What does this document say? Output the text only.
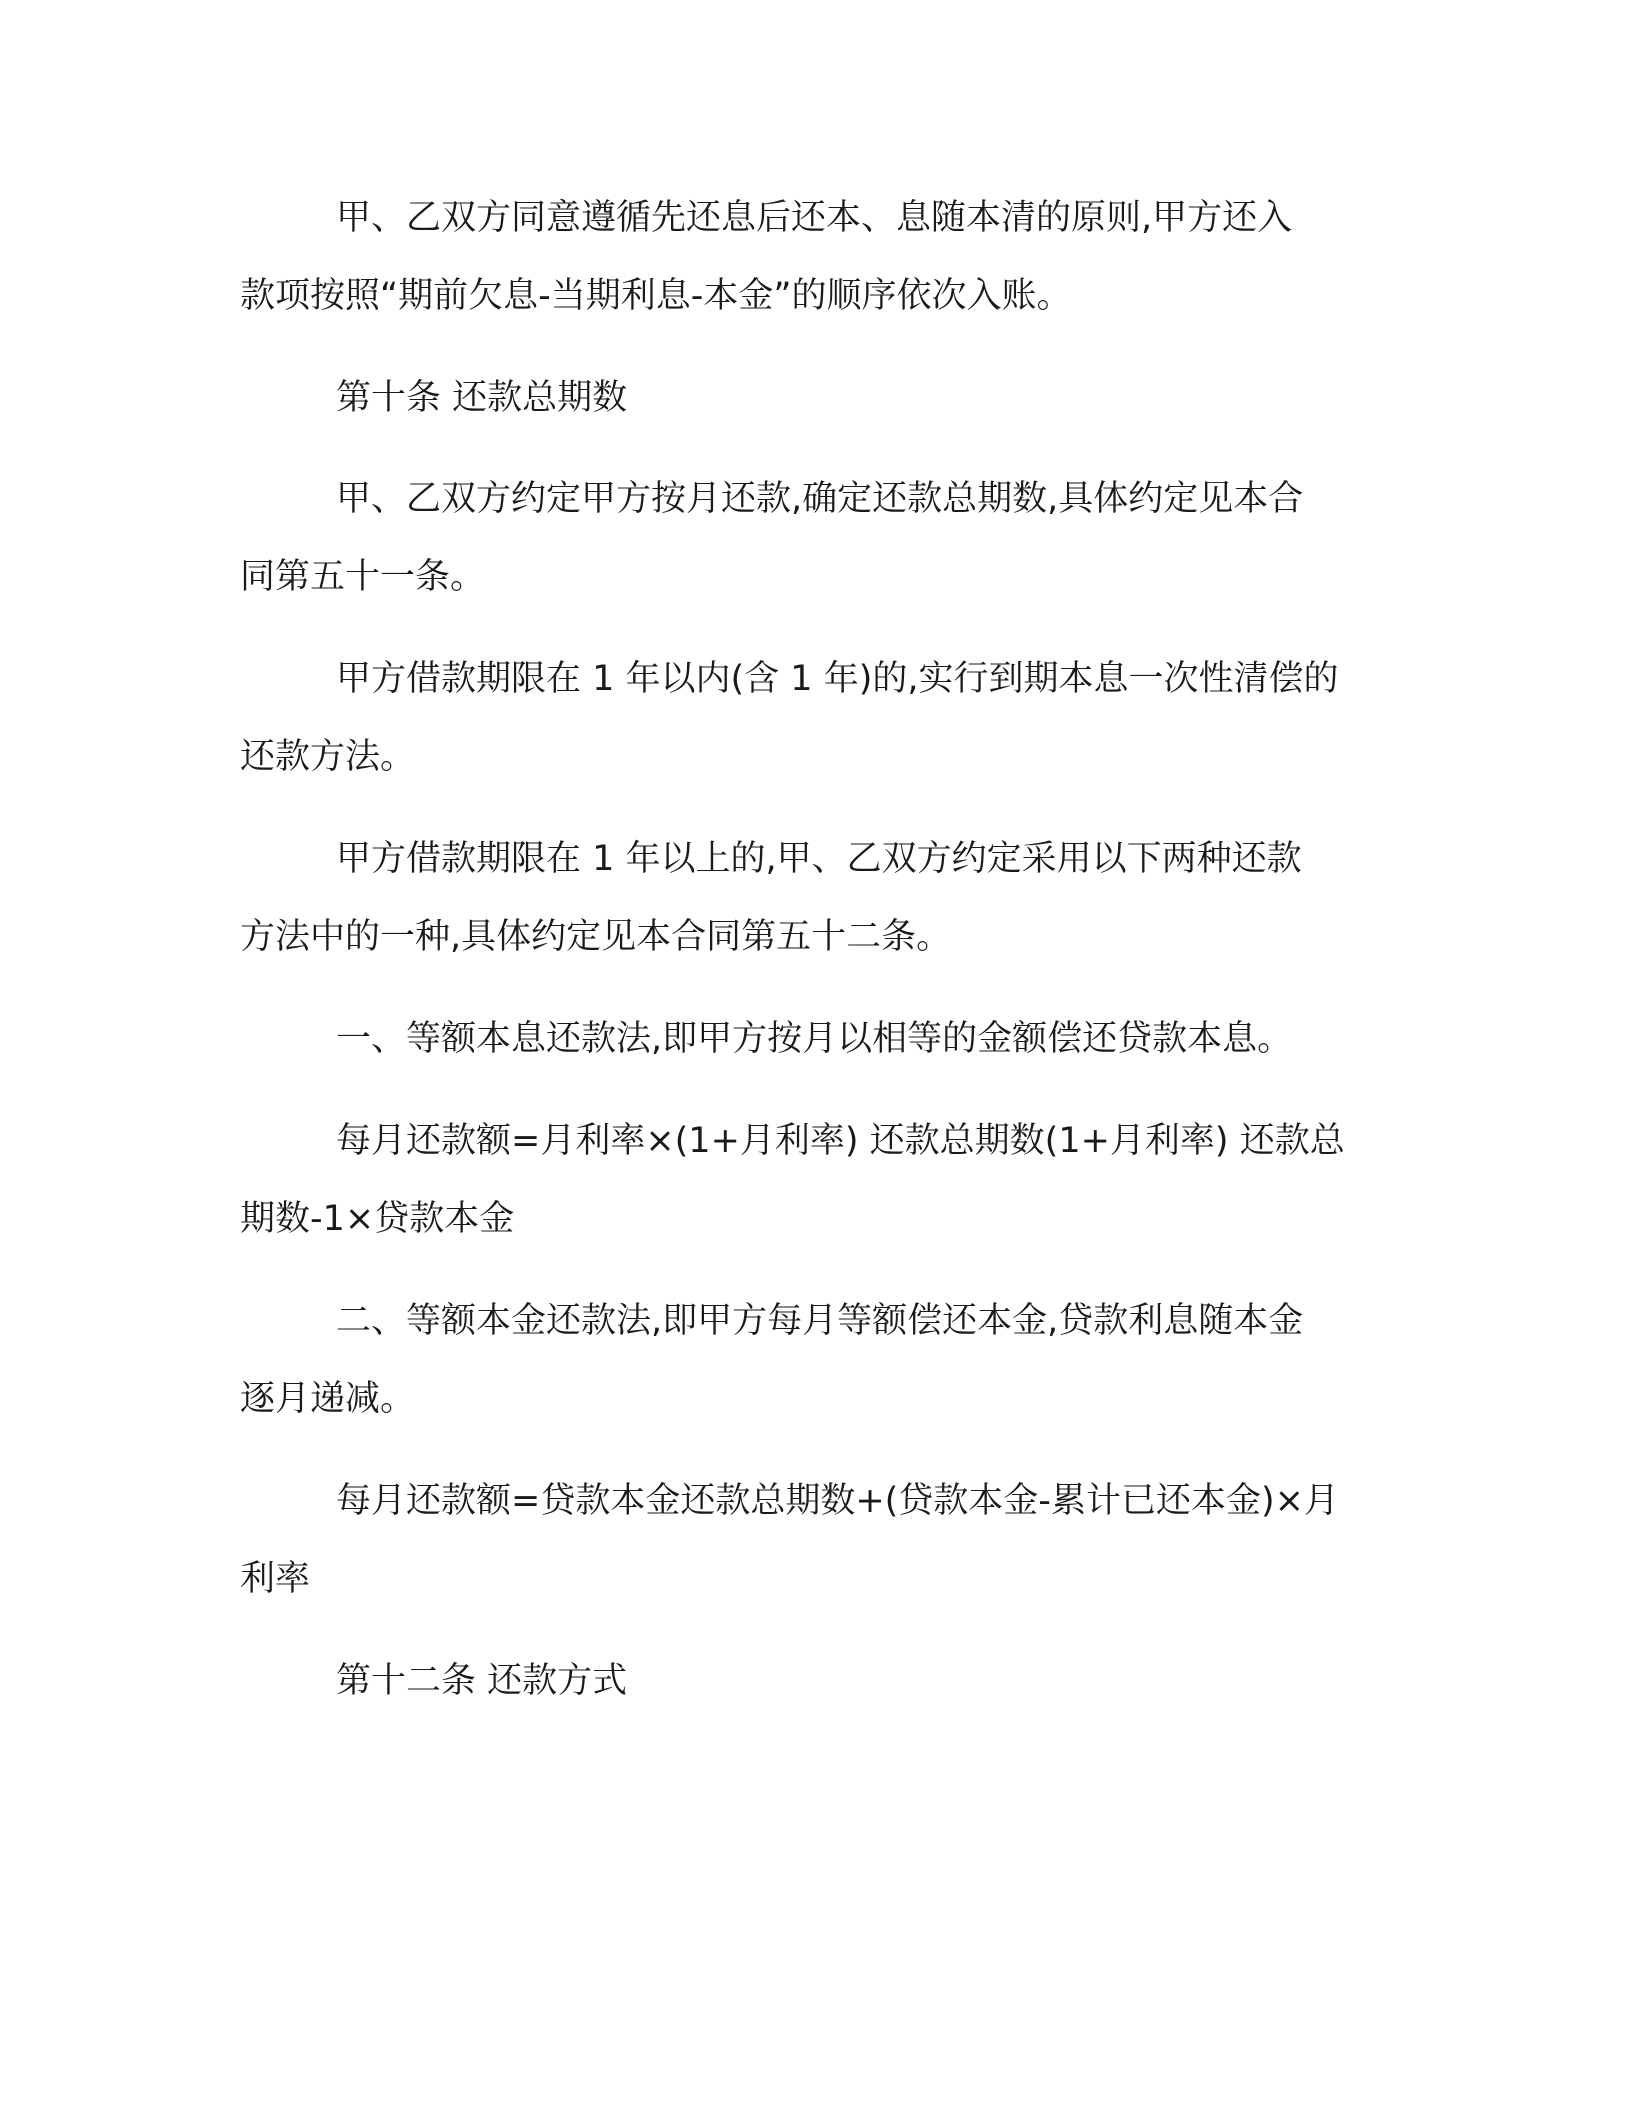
甲、乙双方同意遵循先还息后还本、息随本清的原则,甲方还入

款项按照“期前欠息-当期利息-本金”的顺序依次入账。

第十条 还款总期数

甲、乙双方约定甲方按月还款,确定还款总期数,具体约定见本合

同第五十一条。

甲方借款期限在 1 年以内(含 1 年)的,实行到期本息一次性清偿的

还款方法。

甲方借款期限在 1 年以上的,甲、乙双方约定采用以下两种还款

方法中的一种,具体约定见本合同第五十二条。

一、等额本息还款法,即甲方按月以相等的金额偿还贷款本息。

每月还款额=月利率×(1+月利率) 还款总期数(1+月利率) 还款总

期数-1×贷款本金

二、等额本金还款法,即甲方每月等额偿还本金,贷款利息随本金

逐月递减。

每月还款额=贷款本金还款总期数+(贷款本金-累计已还本金)×月

利率

第十二条 还款方式
